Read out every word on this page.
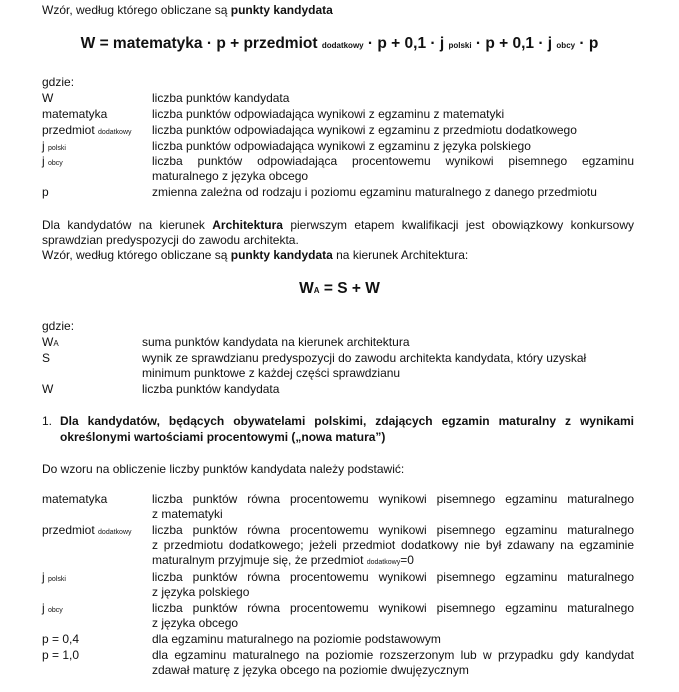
Wzór, według którego obliczane są punkty kandydata
W = matematyka · p + przedmiot dodatkowy · p + 0,1 · j polski · p + 0,1 · j obcy · p
gdzie:
W	liczba punktów kandydata
matematyka	liczba punktów odpowiadająca wynikowi z egzaminu z matematyki
przedmiot dodatkowy liczba punktów odpowiadająca wynikowi z egzaminu z przedmiotu dodatkowego
j polski	liczba punktów odpowiadająca wynikowi z egzaminu z języka polskiego
j obcy	liczba punktów odpowiadająca procentowemu wynikowi pisemnego egzaminu
maturalnego z języka obcego
p	zmienna zależna od rodzaju i poziomu egzaminu maturalnego z danego przedmiotu
Dla kandydatów na kierunek Architektura pierwszym etapem kwalifikacji jest obowiązkowy konkursowy
sprawdzian predyspozycji do zawodu architekta.
Wzór, według którego obliczane są punkty kandydata na kierunek Architektura:
WA = S + W
gdzie:
WA	suma punktów kandydata na kierunek architektura
S	wynik ze sprawdzianu predyspozycji do zawodu architekta kandydata, który uzyskał
minimum punktowe z każdej części sprawdzianu
W	liczba punktów kandydata
1. Dla kandydatów, będących obywatelami polskimi, zdających egzamin maturalny z wynikami
określonymi wartościami procentowymi („nowa matura”)
Do wzoru na obliczenie liczby punktów kandydata należy podstawić:
matematyka	liczba punktów równa procentowemu wynikowi pisemnego egzaminu maturalnego
z matematyki
przedmiot dodatkowy liczba punktów równa procentowemu wynikowi pisemnego egzaminu maturalnego
z przedmiotu dodatkowego; jeżeli przedmiot dodatkowy nie był zdawany na egzaminie
maturalnym przyjmuje się, że przedmiot dodatkowy=0
j polski	liczba punktów równa procentowemu wynikowi pisemnego egzaminu maturalnego
z języka polskiego
j obcy	liczba punktów równa procentowemu wynikowi pisemnego egzaminu maturalnego
z języka obcego
p = 0,4	dla egzaminu maturalnego na poziomie podstawowym
p = 1,0	dla egzaminu maturalnego na poziomie rozszerzonym lub w przypadku gdy kandydat
zdawał maturę z języka obcego na poziomie dwujęzycznym
